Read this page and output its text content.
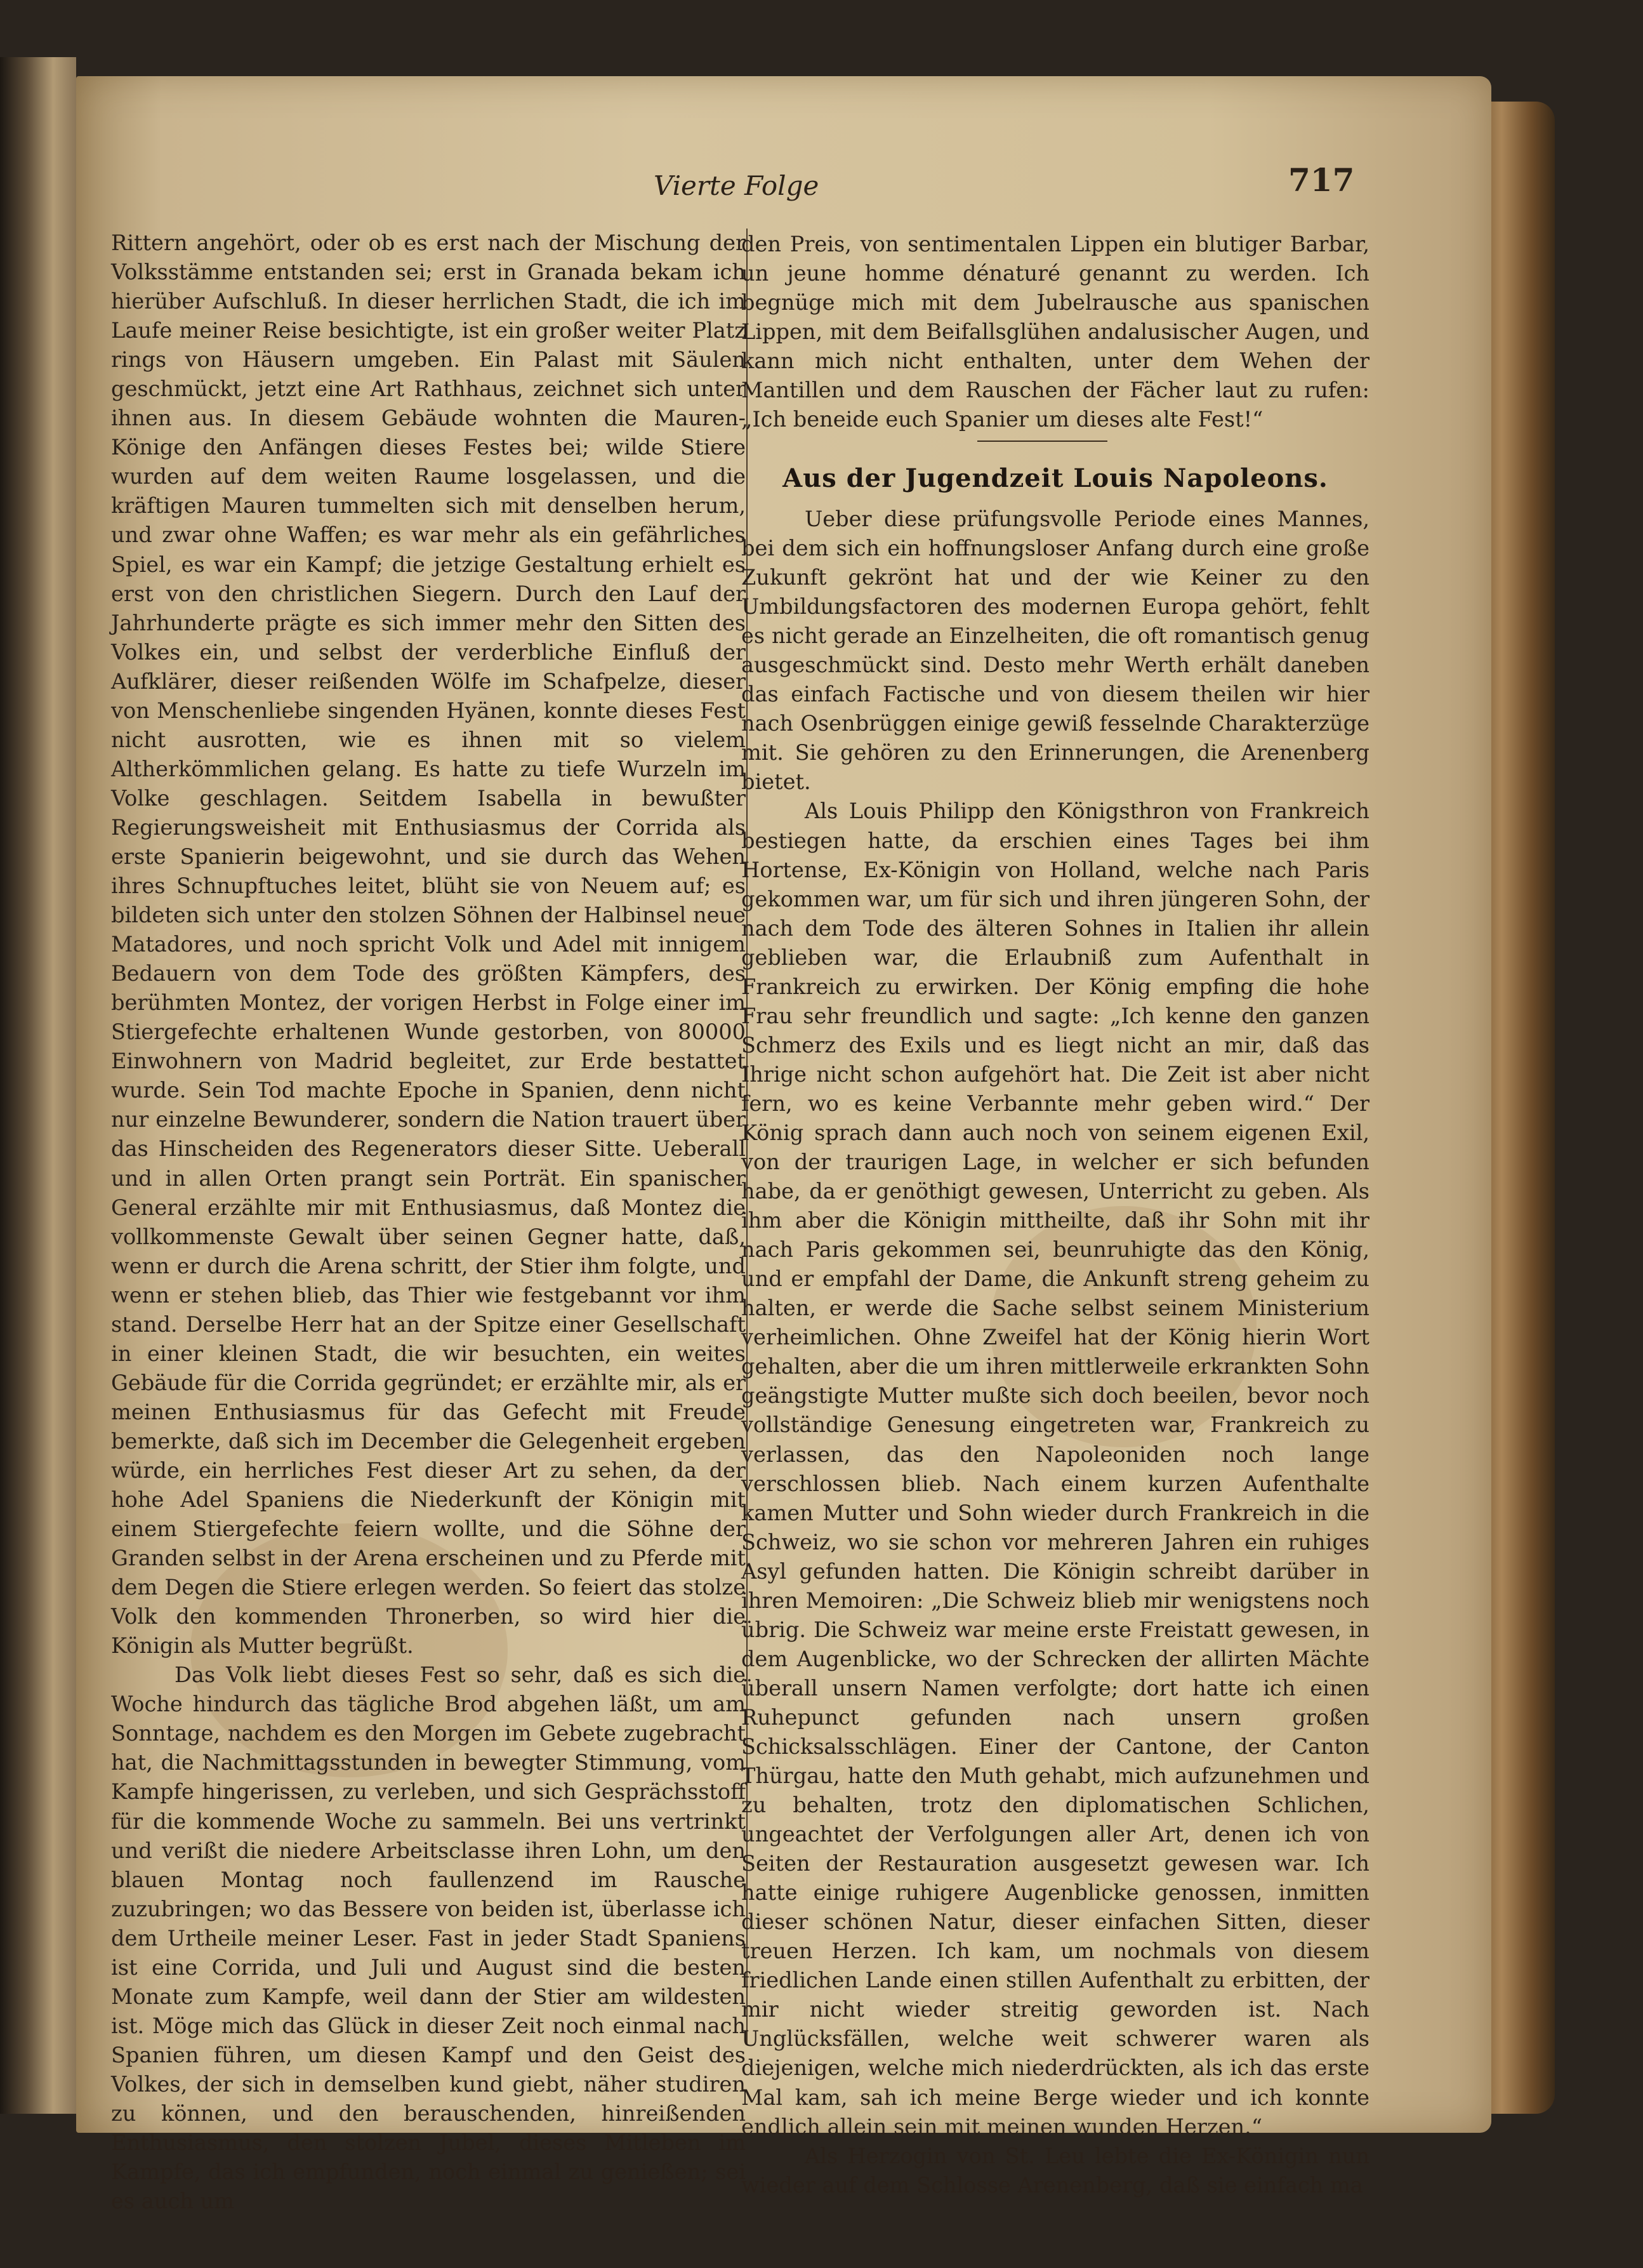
Vierte Folge	717

Rittern angehört, oder ob es erst nach der Mischung der Volksstämme entstanden sei; erst in Granada bekam ich hierüber Aufschluß. In dieser herrlichen Stadt, die ich im Laufe meiner Reise besichtigte, ist ein großer weiter Platz rings von Häusern umgeben. Ein Palast mit Säulen geschmückt, jetzt eine Art Rathhaus, zeichnet sich unter ihnen aus. In diesem Gebäude wohnten die Mauren-Könige den Anfängen dieses Festes bei; wilde Stiere wurden auf dem weiten Raume losgelassen, und die kräftigen Mauren tummelten sich mit denselben herum, und zwar ohne Waffen; es war mehr als ein gefährliches Spiel, es war ein Kampf; die jetzige Gestaltung erhielt es erst von den christlichen Siegern. Durch den Lauf der Jahrhunderte prägte es sich immer mehr den Sitten des Volkes ein, und selbst der verderbliche Einfluß der Aufklärer, dieser reißenden Wölfe im Schafpelze, dieser von Menschenliebe singenden Hyänen, konnte dieses Fest nicht ausrotten, wie es ihnen mit so vielem Altherkömmlichen gelang. Es hatte zu tiefe Wurzeln im Volke geschlagen. Seitdem Isabella in bewußter Regierungsweisheit mit Enthusiasmus der Corrida als erste Spanierin beigewohnt, und sie durch das Wehen ihres Schnupftuches leitet, blüht sie von Neuem auf; es bildeten sich unter den stolzen Söhnen der Halbinsel neue Matadores, und noch spricht Volk und Adel mit innigem Bedauern von dem Tode des größten Kämpfers, des berühmten Montez, der vorigen Herbst in Folge einer im Stiergefechte erhaltenen Wunde gestorben, von 80000 Einwohnern von Madrid begleitet, zur Erde bestattet wurde. Sein Tod machte Epoche in Spanien, denn nicht nur einzelne Bewunderer, sondern die Nation trauert über das Hinscheiden des Regenerators dieser Sitte. Ueberall und in allen Orten prangt sein Porträt. Ein spanischer General erzählte mir mit Enthusiasmus, daß Montez die vollkommenste Gewalt über seinen Gegner hatte, daß, wenn er durch die Arena schritt, der Stier ihm folgte, und wenn er stehen blieb, das Thier wie festgebannt vor ihm stand. Derselbe Herr hat an der Spitze einer Gesellschaft in einer kleinen Stadt, die wir besuchten, ein weites Gebäude für die Corrida gegründet; er erzählte mir, als er meinen Enthusiasmus für das Gefecht mit Freude bemerkte, daß sich im December die Gelegenheit ergeben würde, ein herrliches Fest dieser Art zu sehen, da der hohe Adel Spaniens die Niederkunft der Königin mit einem Stiergefechte feiern wollte, und die Söhne der Granden selbst in der Arena erscheinen und zu Pferde mit dem Degen die Stiere erlegen werden. So feiert das stolze Volk den kommenden Thronerben, so wird hier die Königin als Mutter begrüßt.

Das Volk liebt dieses Fest so sehr, daß es sich die Woche hindurch das tägliche Brod abgehen läßt, um am Sonntage, nachdem es den Morgen im Gebete zugebracht hat, die Nachmittagsstunden in bewegter Stimmung, vom Kampfe hingerissen, zu verleben, und sich Gesprächsstoff für die kommende Woche zu sammeln. Bei uns vertrinkt und verißt die niedere Arbeitsclasse ihren Lohn, um den blauen Montag noch faullenzend im Rausche zuzubringen; wo das Bessere von beiden ist, überlasse ich dem Urtheile meiner Leser. Fast in jeder Stadt Spaniens ist eine Corrida, und Juli und August sind die besten Monate zum Kampfe, weil dann der Stier am wildesten ist. Möge mich das Glück in dieser Zeit noch einmal nach Spanien führen, um diesen Kampf und den Geist des Volkes, der sich in demselben kund giebt, näher studiren zu können, und den berauschenden, hinreißenden Enthusiasmus, den stolzen Jubel, dieses Mitleben im Kampfe, das ich empfunden, noch einmal zu genießen; sei es auch um

den Preis, von sentimentalen Lippen ein blutiger Barbar, un jeune homme dénaturé genannt zu werden. Ich begnüge mich mit dem Jubelrausche aus spanischen Lippen, mit dem Beifallsglühen andalusischer Augen, und kann mich nicht enthalten, unter dem Wehen der Mantillen und dem Rauschen der Fächer laut zu rufen: „Ich beneide euch Spanier um dieses alte Fest!“

Aus der Jugendzeit Louis Napoleons.

Ueber diese prüfungsvolle Periode eines Mannes, bei dem sich ein hoffnungsloser Anfang durch eine große Zukunft gekrönt hat und der wie Keiner zu den Umbildungsfactoren des modernen Europa gehört, fehlt es nicht gerade an Einzelheiten, die oft romantisch genug ausgeschmückt sind. Desto mehr Werth erhält daneben das einfach Factische und von diesem theilen wir hier nach Osenbrüggen einige gewiß fesselnde Charakterzüge mit. Sie gehören zu den Erinnerungen, die Arenenberg bietet.

Als Louis Philipp den Königsthron von Frankreich bestiegen hatte, da erschien eines Tages bei ihm Hortense, Ex-Königin von Holland, welche nach Paris gekommen war, um für sich und ihren jüngeren Sohn, der nach dem Tode des älteren Sohnes in Italien ihr allein geblieben war, die Erlaubniß zum Aufenthalt in Frankreich zu erwirken. Der König empfing die hohe Frau sehr freundlich und sagte: „Ich kenne den ganzen Schmerz des Exils und es liegt nicht an mir, daß das Ihrige nicht schon aufgehört hat. Die Zeit ist aber nicht fern, wo es keine Verbannte mehr geben wird.“ Der König sprach dann auch noch von seinem eigenen Exil, von der traurigen Lage, in welcher er sich befunden habe, da er genöthigt gewesen, Unterricht zu geben. Als ihm aber die Königin mittheilte, daß ihr Sohn mit ihr nach Paris gekommen sei, beunruhigte das den König, und er empfahl der Dame, die Ankunft streng geheim zu halten, er werde die Sache selbst seinem Ministerium verheimlichen. Ohne Zweifel hat der König hierin Wort gehalten, aber die um ihren mittlerweile erkrankten Sohn geängstigte Mutter mußte sich doch beeilen, bevor noch vollständige Genesung eingetreten war, Frankreich zu verlassen, das den Napoleoniden noch lange verschlossen blieb. Nach einem kurzen Aufenthalte kamen Mutter und Sohn wieder durch Frankreich in die Schweiz, wo sie schon vor mehreren Jahren ein ruhiges Asyl gefunden hatten. Die Königin schreibt darüber in ihren Memoiren: „Die Schweiz blieb mir wenigstens noch übrig. Die Schweiz war meine erste Freistatt gewesen, in dem Augenblicke, wo der Schrecken der allirten Mächte überall unsern Namen verfolgte; dort hatte ich einen Ruhepunct gefunden nach unsern großen Schicksalsschlägen. Einer der Cantone, der Canton Thürgau, hatte den Muth gehabt, mich aufzunehmen und zu behalten, trotz den diplomatischen Schlichen, ungeachtet der Verfolgungen aller Art, denen ich von Seiten der Restauration ausgesetzt gewesen war. Ich hatte einige ruhigere Augenblicke genossen, inmitten dieser schönen Natur, dieser einfachen Sitten, dieser treuen Herzen. Ich kam, um nochmals von diesem friedlichen Lande einen stillen Aufenthalt zu erbitten, der mir nicht wieder streitig geworden ist. Nach Unglücksfällen, welche weit schwerer waren als diejenigen, welche mich niederdrückten, als ich das erste Mal kam, sah ich meine Berge wieder und ich konnte endlich allein sein mit meinen wunden Herzen.“

Als Herzogin von St. Leu lebte die Ex-Königin nun wieder auf dem Schlosse Arenenberg, daß sie einfach ma
